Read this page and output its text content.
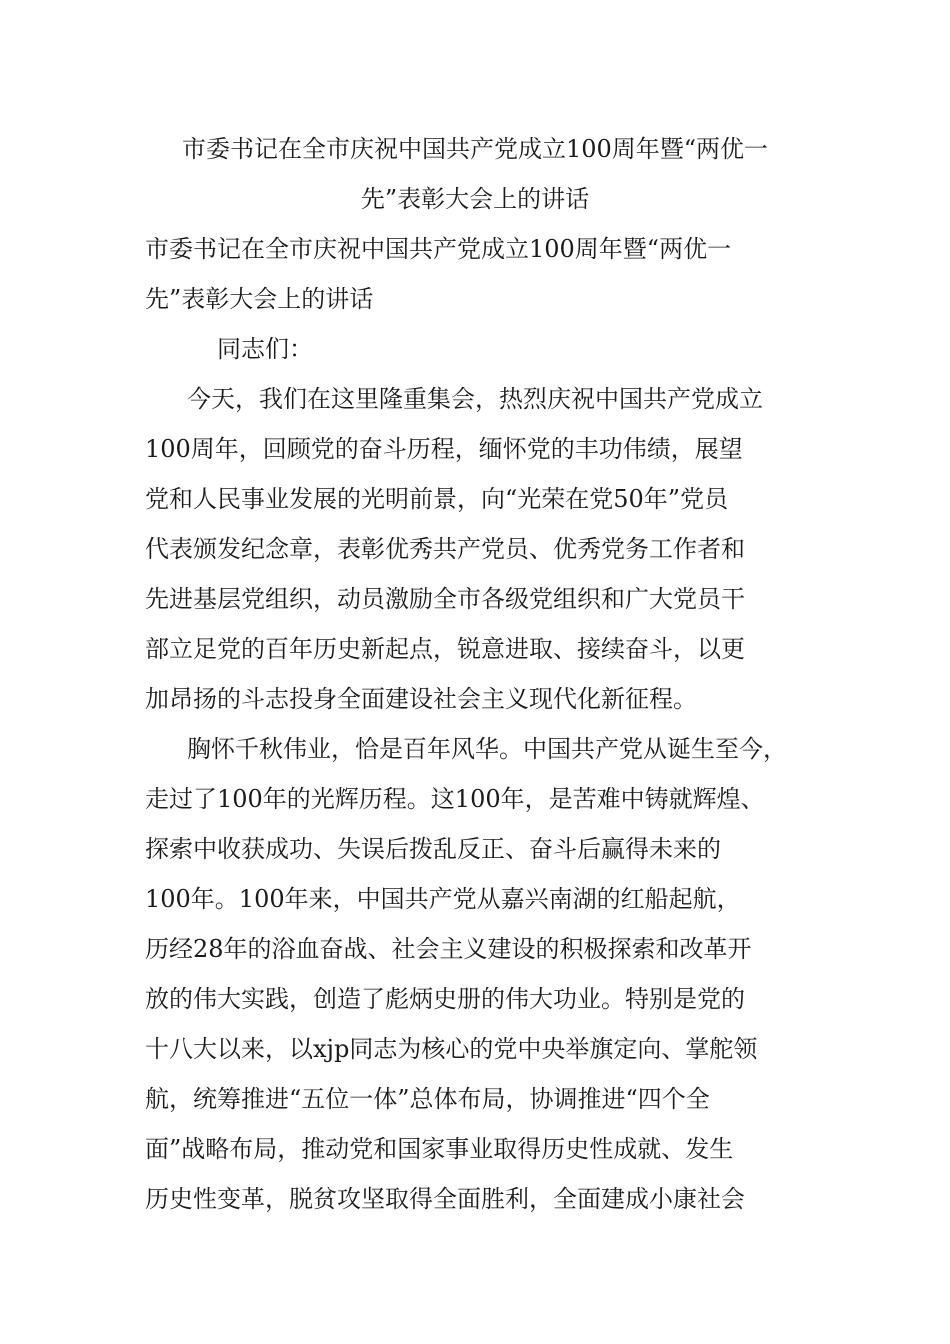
市委书记在全市庆祝中国共产党成立100周年暨“两优一
先”表彰大会上的讲话
市委书记在全市庆祝中国共产党成立100周年暨“两优一
先”表彰大会上的讲话
同志们：
今天，我们在这里隆重集会，热烈庆祝中国共产党成立
100周年，回顾党的奋斗历程，缅怀党的丰功伟绩，展望
党和人民事业发展的光明前景，向“光荣在党50年”党员
代表颁发纪念章，表彰优秀共产党员、优秀党务工作者和
先进基层党组织，动员激励全市各级党组织和广大党员干
部立足党的百年历史新起点，锐意进取、接续奋斗，以更
加昂扬的斗志投身全面建设社会主义现代化新征程。
胸怀千秋伟业，恰是百年风华。中国共产党从诞生至今，
走过了100年的光辉历程。这100年，是苦难中铸就辉煌、
探索中收获成功、失误后拨乱反正、奋斗后赢得未来的
100年。100年来，中国共产党从嘉兴南湖的红船起航，
历经28年的浴血奋战、社会主义建设的积极探索和改革开
放的伟大实践，创造了彪炳史册的伟大功业。特别是党的
十八大以来，以xjp同志为核心的党中央举旗定向、掌舵领
航，统筹推进“五位一体”总体布局，协调推进“四个全
面”战略布局，推动党和国家事业取得历史性成就、发生
历史性变革，脱贫攻坚取得全面胜利，全面建成小康社会
